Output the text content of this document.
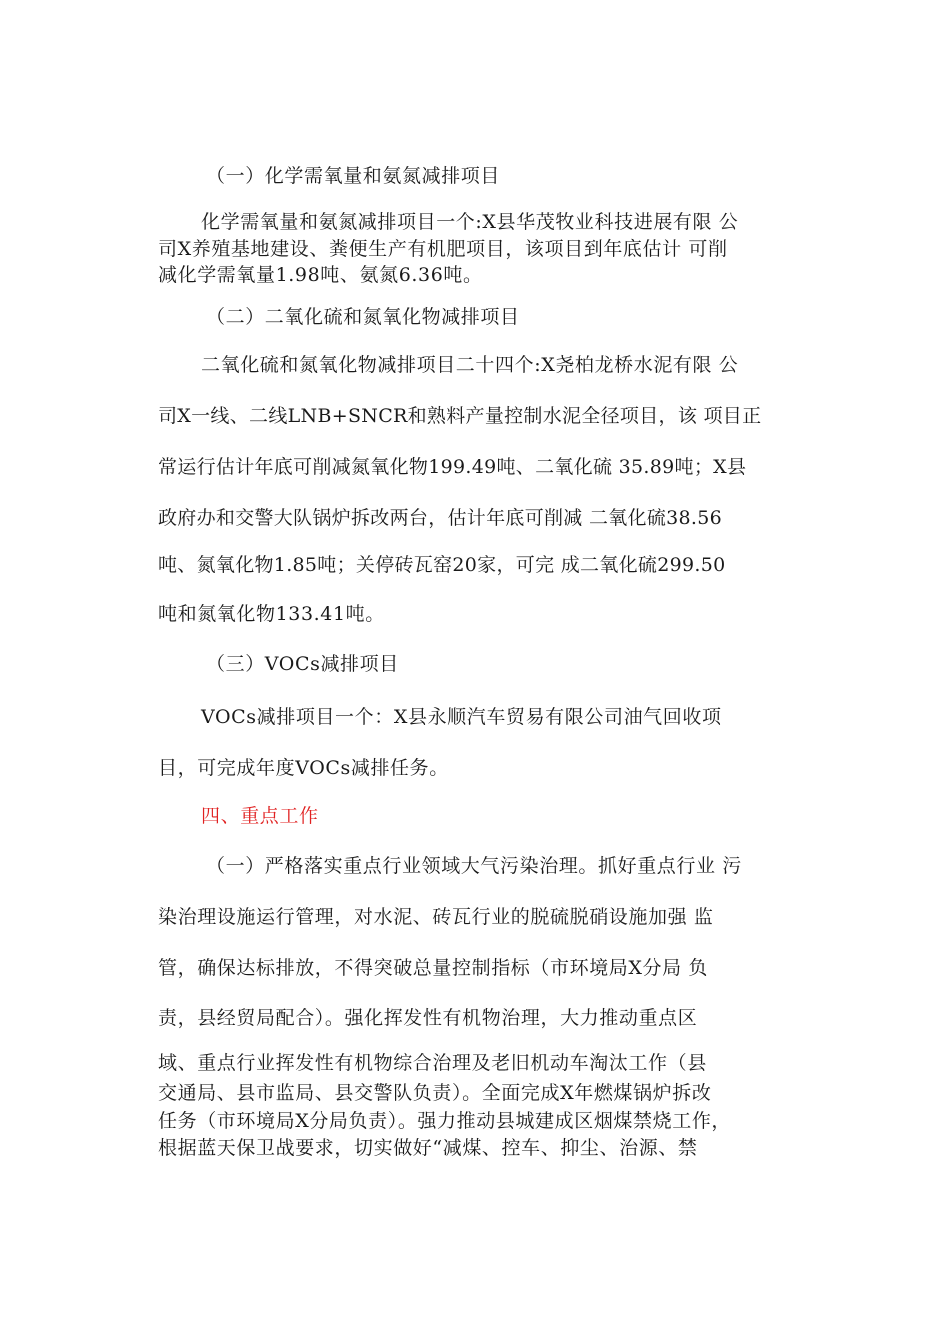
（一）化学需氧量和氨氮减排项目
化学需氧量和氨氮减排项目一个:X县华茂牧业科技进展有限 公
司X养殖基地建设、粪便生产有机肥项目，该项目到年底估计 可削
减化学需氧量1.98吨、氨氮6.36吨。
（二）二氧化硫和氮氧化物减排项目
二氧化硫和氮氧化物减排项目二十四个:X尧柏龙桥水泥有限 公
司X一线、二线LNB+SNCR和熟料产量控制水泥全径项目，该 项目正
常运行估计年底可削减氮氧化物199.49吨、二氧化硫 35.89吨；X县
政府办和交警大队锅炉拆改两台，估计年底可削减 二氧化硫38.56
吨、氮氧化物1.85吨；关停砖瓦窑20家，可完 成二氧化硫299.50
吨和氮氧化物133.41吨。
（三）VOCs减排项目
VOCs减排项目一个：X县永顺汽车贸易有限公司油气回收项
目，可完成年度VOCs减排任务。
四、重点工作
（一）严格落实重点行业领域大气污染治理。抓好重点行业 污
染治理设施运行管理，对水泥、砖瓦行业的脱硫脱硝设施加强 监
管，确保达标排放，不得突破总量控制指标（市环境局X分局 负
责，县经贸局配合）。强化挥发性有机物治理，大力推动重点区
域、重点行业挥发性有机物综合治理及老旧机动车淘汰工作（县
交通局、县市监局、县交警队负责）。全面完成X年燃煤锅炉拆改
任务（市环境局X分局负责）。强力推动县城建成区烟煤禁烧工作，
根据蓝天保卫战要求，切实做好“减煤、控车、抑尘、治源、禁
